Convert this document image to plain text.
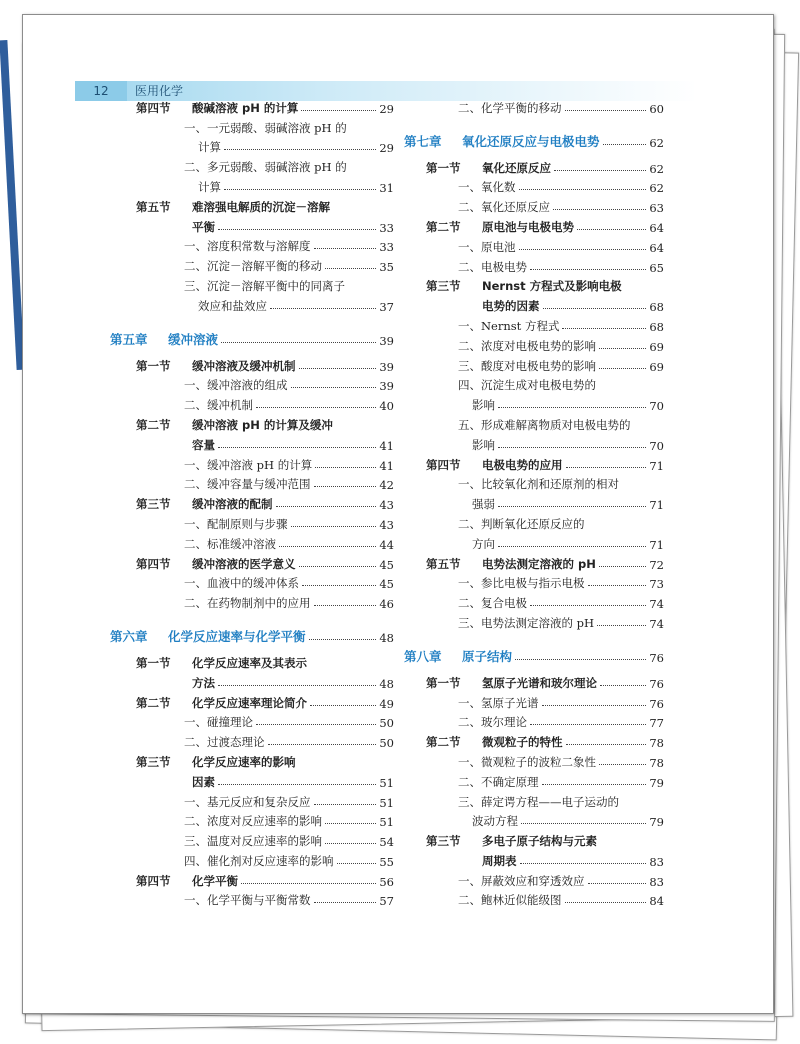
12	医用化学
第四节	酸碱溶液 pH 的计算	29
一、一元弱酸、弱碱溶液 pH 的
计算	29
二、多元弱酸、弱碱溶液 pH 的
计算	31
第五节	难溶强电解质的沉淀－溶解
平衡	33
一、溶度积常数与溶解度	33
二、沉淀－溶解平衡的移动	35
三、沉淀－溶解平衡中的同离子
效应和盐效应	37
第五章	缓冲溶液	39
第一节	缓冲溶液及缓冲机制	39
一、缓冲溶液的组成	39
二、缓冲机制	40
第二节	缓冲溶液 pH 的计算及缓冲
容量	41
一、缓冲溶液 pH 的计算	41
二、缓冲容量与缓冲范围	42
第三节	缓冲溶液的配制	43
一、配制原则与步骤	43
二、标准缓冲溶液	44
第四节	缓冲溶液的医学意义	45
一、血液中的缓冲体系	45
二、在药物制剂中的应用	46
第六章	化学反应速率与化学平衡	48
第一节	化学反应速率及其表示
方法	48
第二节	化学反应速率理论简介	49
一、碰撞理论	50
二、过渡态理论	50
第三节	化学反应速率的影响
因素	51
一、基元反应和复杂反应	51
二、浓度对反应速率的影响	51
三、温度对反应速率的影响	54
四、催化剂对反应速率的影响	55
第四节	化学平衡	56
一、化学平衡与平衡常数	57
二、化学平衡的移动	60
第七章	氧化还原反应与电极电势	62
第一节	氧化还原反应	62
一、氧化数	62
二、氧化还原反应	63
第二节	原电池与电极电势	64
一、原电池	64
二、电极电势	65
第三节	Nernst 方程式及影响电极
电势的因素	68
一、Nernst 方程式	68
二、浓度对电极电势的影响	69
三、酸度对电极电势的影响	69
四、沉淀生成对电极电势的
影响	70
五、形成难解离物质对电极电势的
影响	70
第四节	电极电势的应用	71
一、比较氧化剂和还原剂的相对
强弱	71
二、判断氧化还原反应的
方向	71
第五节	电势法测定溶液的 pH	72
一、参比电极与指示电极	73
二、复合电极	74
三、电势法测定溶液的 pH	74
第八章	原子结构	76
第一节	氢原子光谱和玻尔理论	76
一、氢原子光谱	76
二、玻尔理论	77
第二节	微观粒子的特性	78
一、微观粒子的波粒二象性	78
二、不确定原理	79
三、薛定谔方程——电子运动的
波动方程	79
第三节	多电子原子结构与元素
周期表	83
一、屏蔽效应和穿透效应	83
二、鲍林近似能级图	84
